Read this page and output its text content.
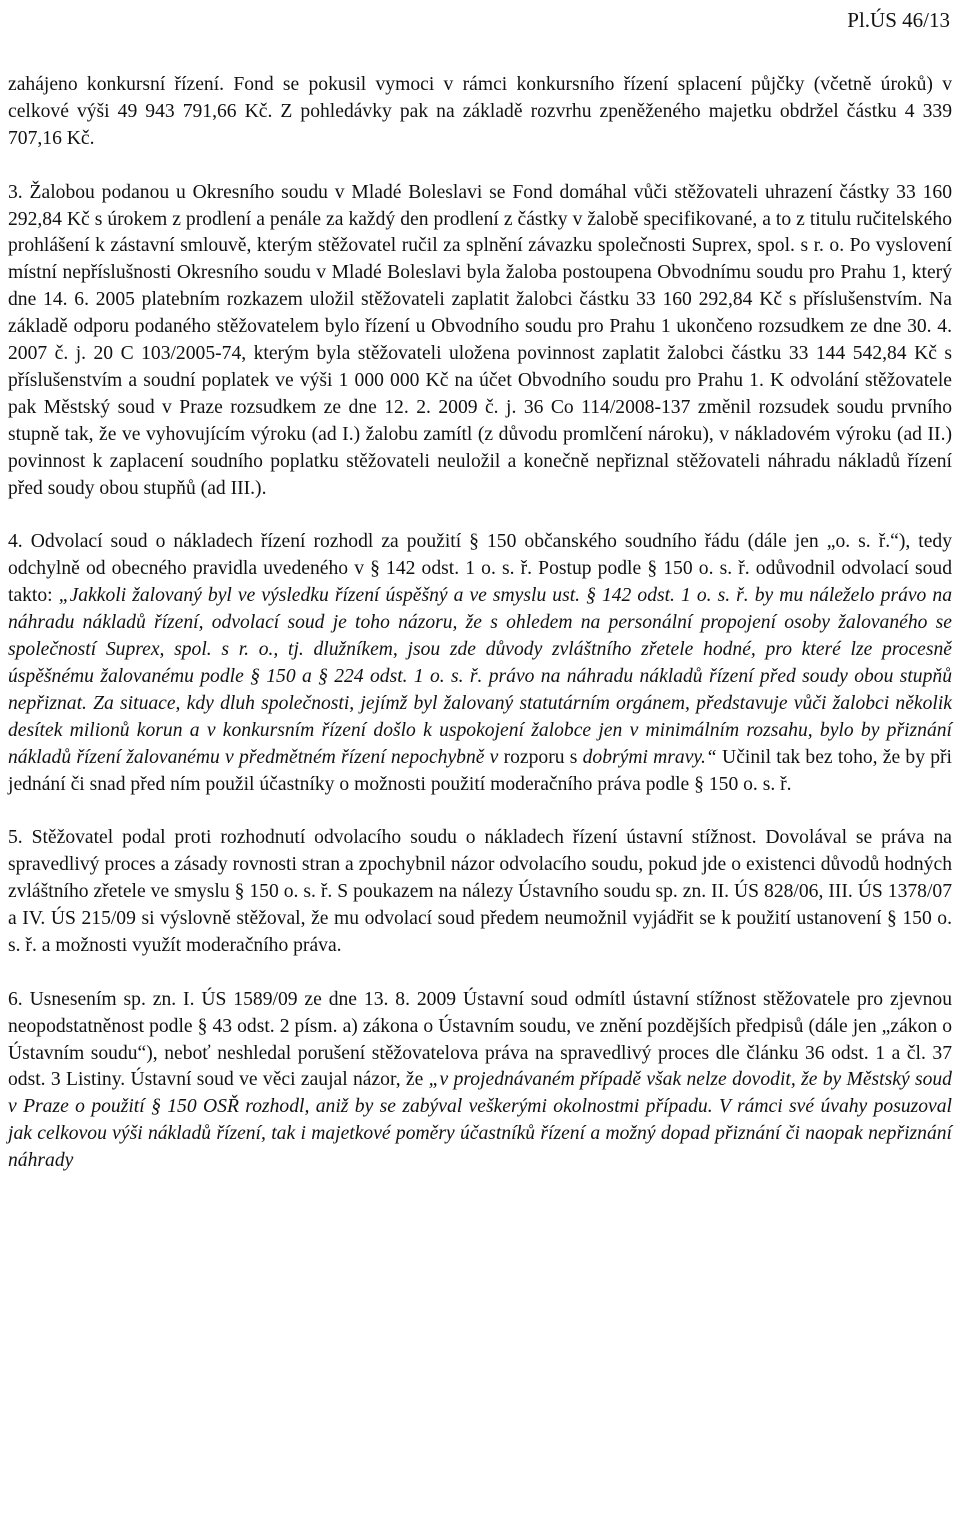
Pl.ÚS 46/13

zahájeno konkursní řízení. Fond se pokusil vymoci v rámci konkursního řízení splacení půjčky (včetně úroků) v celkové výši 49 943 791,66 Kč. Z pohledávky pak na základě rozvrhu zpeněženého majetku obdržel částku 4 339 707,16 Kč.

3. Žalobou podanou u Okresního soudu v Mladé Boleslavi se Fond domáhal vůči stěžovateli uhrazení částky 33 160 292,84 Kč s úrokem z prodlení a penále za každý den prodlení z částky v žalobě specifikované, a to z titulu ručitelského prohlášení k zástavní smlouvě, kterým stěžovatel ručil za splnění závazku společnosti Suprex, spol. s r. o. Po vyslovení místní nepříslušnosti Okresního soudu v Mladé Boleslavi byla žaloba postoupena Obvodnímu soudu pro Prahu 1, který dne 14. 6. 2005 platebním rozkazem uložil stěžovateli zaplatit žalobci částku 33 160 292,84 Kč s příslušenstvím. Na základě odporu podaného stěžovatelem bylo řízení u Obvodního soudu pro Prahu 1 ukončeno rozsudkem ze dne 30. 4. 2007 č. j. 20 C 103/2005-74, kterým byla stěžovateli uložena povinnost zaplatit žalobci částku 33 144 542,84 Kč s příslušenstvím a soudní poplatek ve výši 1 000 000 Kč na účet Obvodního soudu pro Prahu 1. K odvolání stěžovatele pak Městský soud v Praze rozsudkem ze dne 12. 2. 2009 č. j. 36 Co 114/2008-137 změnil rozsudek soudu prvního stupně tak, že ve vyhovujícím výroku (ad I.) žalobu zamítl (z důvodu promlčení nároku), v nákladovém výroku (ad II.) povinnost k zaplacení soudního poplatku stěžovateli neuložil a konečně nepřiznal stěžovateli náhradu nákladů řízení před soudy obou stupňů (ad III.).

4. Odvolací soud o nákladech řízení rozhodl za použití § 150 občanského soudního řádu (dále jen „o. s. ř.“), tedy odchylně od obecného pravidla uvedeného v § 142 odst. 1 o. s. ř. Postup podle § 150 o. s. ř. odůvodnil odvolací soud takto: „Jakkoli žalovaný byl ve výsledku řízení úspěšný a ve smyslu ust. § 142 odst. 1 o. s. ř. by mu náleželo právo na náhradu nákladů řízení, odvolací soud je toho názoru, že s ohledem na personální propojení osoby žalovaného se společností Suprex, spol. s r. o., tj. dlužníkem, jsou zde důvody zvláštního zřetele hodné, pro které lze procesně úspěšnému žalovanému podle § 150 a § 224 odst. 1 o. s. ř. právo na náhradu nákladů řízení před soudy obou stupňů nepřiznat. Za situace, kdy dluh společnosti, jejímž byl žalovaný statutárním orgánem, představuje vůči žalobci několik desítek milionů korun a v konkursním řízení došlo k uspokojení žalobce jen v minimálním rozsahu, bylo by přiznání nákladů řízení žalovanému v předmětném řízení nepochybně v rozporu s dobrými mravy.“ Učinil tak bez toho, že by při jednání či snad před ním použil účastníky o možnosti použití moderačního práva podle § 150 o. s. ř.

5. Stěžovatel podal proti rozhodnutí odvolacího soudu o nákladech řízení ústavní stížnost. Dovolával se práva na spravedlivý proces a zásady rovnosti stran a zpochybnil názor odvolacího soudu, pokud jde o existenci důvodů hodných zvláštního zřetele ve smyslu § 150 o. s. ř. S poukazem na nálezy Ústavního soudu sp. zn. II. ÚS 828/06, III. ÚS 1378/07 a IV. ÚS 215/09 si výslovně stěžoval, že mu odvolací soud předem neumožnil vyjádřit se k použití ustanovení § 150 o. s. ř. a možnosti využít moderačního práva.

6. Usnesením sp. zn. I. ÚS 1589/09 ze dne 13. 8. 2009 Ústavní soud odmítl ústavní stížnost stěžovatele pro zjevnou neopodstatněnost podle § 43 odst. 2 písm. a) zákona o Ústavním soudu, ve znění pozdějších předpisů (dále jen „zákon o Ústavním soudu“), neboť neshledal porušení stěžovatelova práva na spravedlivý proces dle článku 36 odst. 1 a čl. 37 odst. 3 Listiny. Ústavní soud ve věci zaujal názor, že „v projednávaném případě však nelze dovodit, že by Městský soud v Praze o použití § 150 OSŘ rozhodl, aniž by se zabýval veškerými okolnostmi případu. V rámci své úvahy posuzoval jak celkovou výši nákladů řízení, tak i majetkové poměry účastníků řízení a možný dopad přiznání či naopak nepřiznání náhrady
